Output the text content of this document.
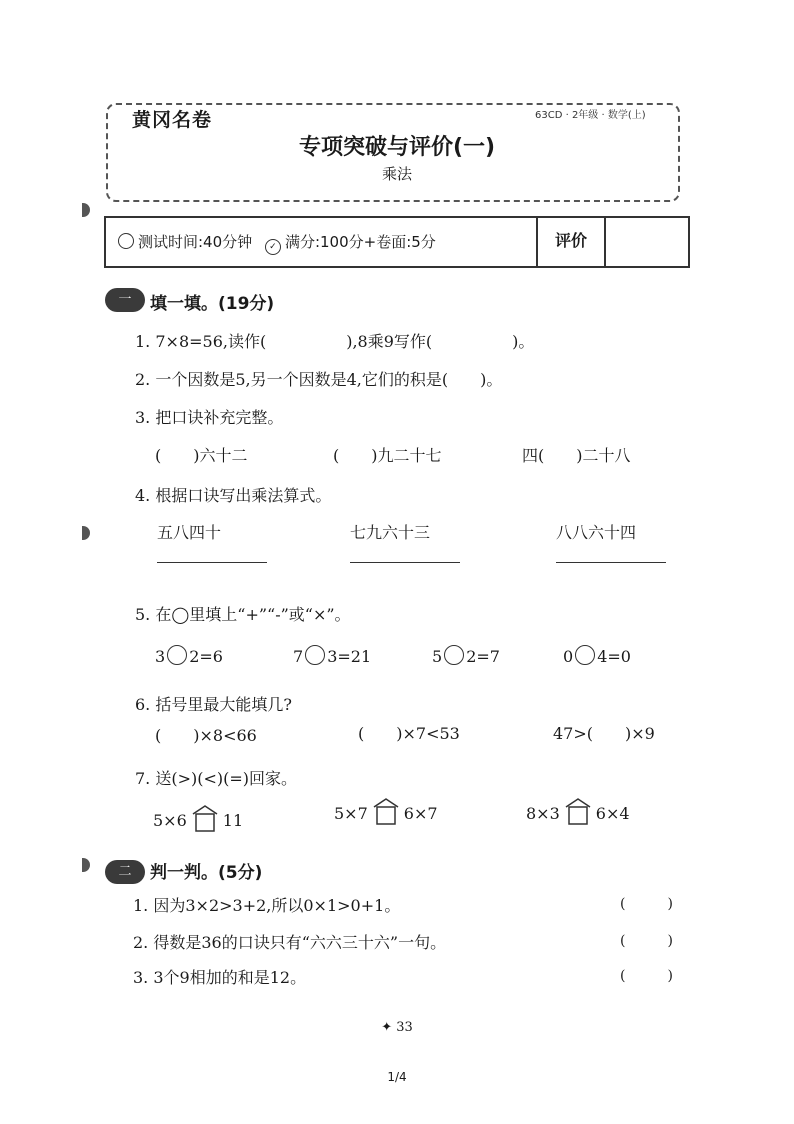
黄冈名卷	63CD · 2年级 · 数学(上)
专项突破与评价(一)
乘法
测试时间:40分钟 ✓ 满分:100分+卷面:5分	评价
一	填一填。(19分)
1. 7×8=56,读作(　　　　　),8乘9写作(　　　　　)。
2. 一个因数是5,另一个因数是4,它们的积是(　　)。
3. 把口诀补充完整。
(　　)六十二	(　　)九二十七	四(　　)二十八
4. 根据口诀写出乘法算式。
五八四十	七九六十三	八八六十四
5. 在◯里填上“+”“-”或“×”。
3 2=6	7 3=21	5 2=7	0 4=0
6. 括号里最大能填几?
(　　)×8<66	(　　)×7<53	47>(　　)×9
7. 送(>)(<)(=)回家。
5×6 11	5×7 6×7	8×3 6×4
二	判一判。(5分)
1. 因为3×2>3+2,所以0×1>0+1。	(　　　)
2. 得数是36的口诀只有“六六三十六”一句。	(　　　)
3. 3个9相加的和是12。	(　　　)
✦ 33
1/4
